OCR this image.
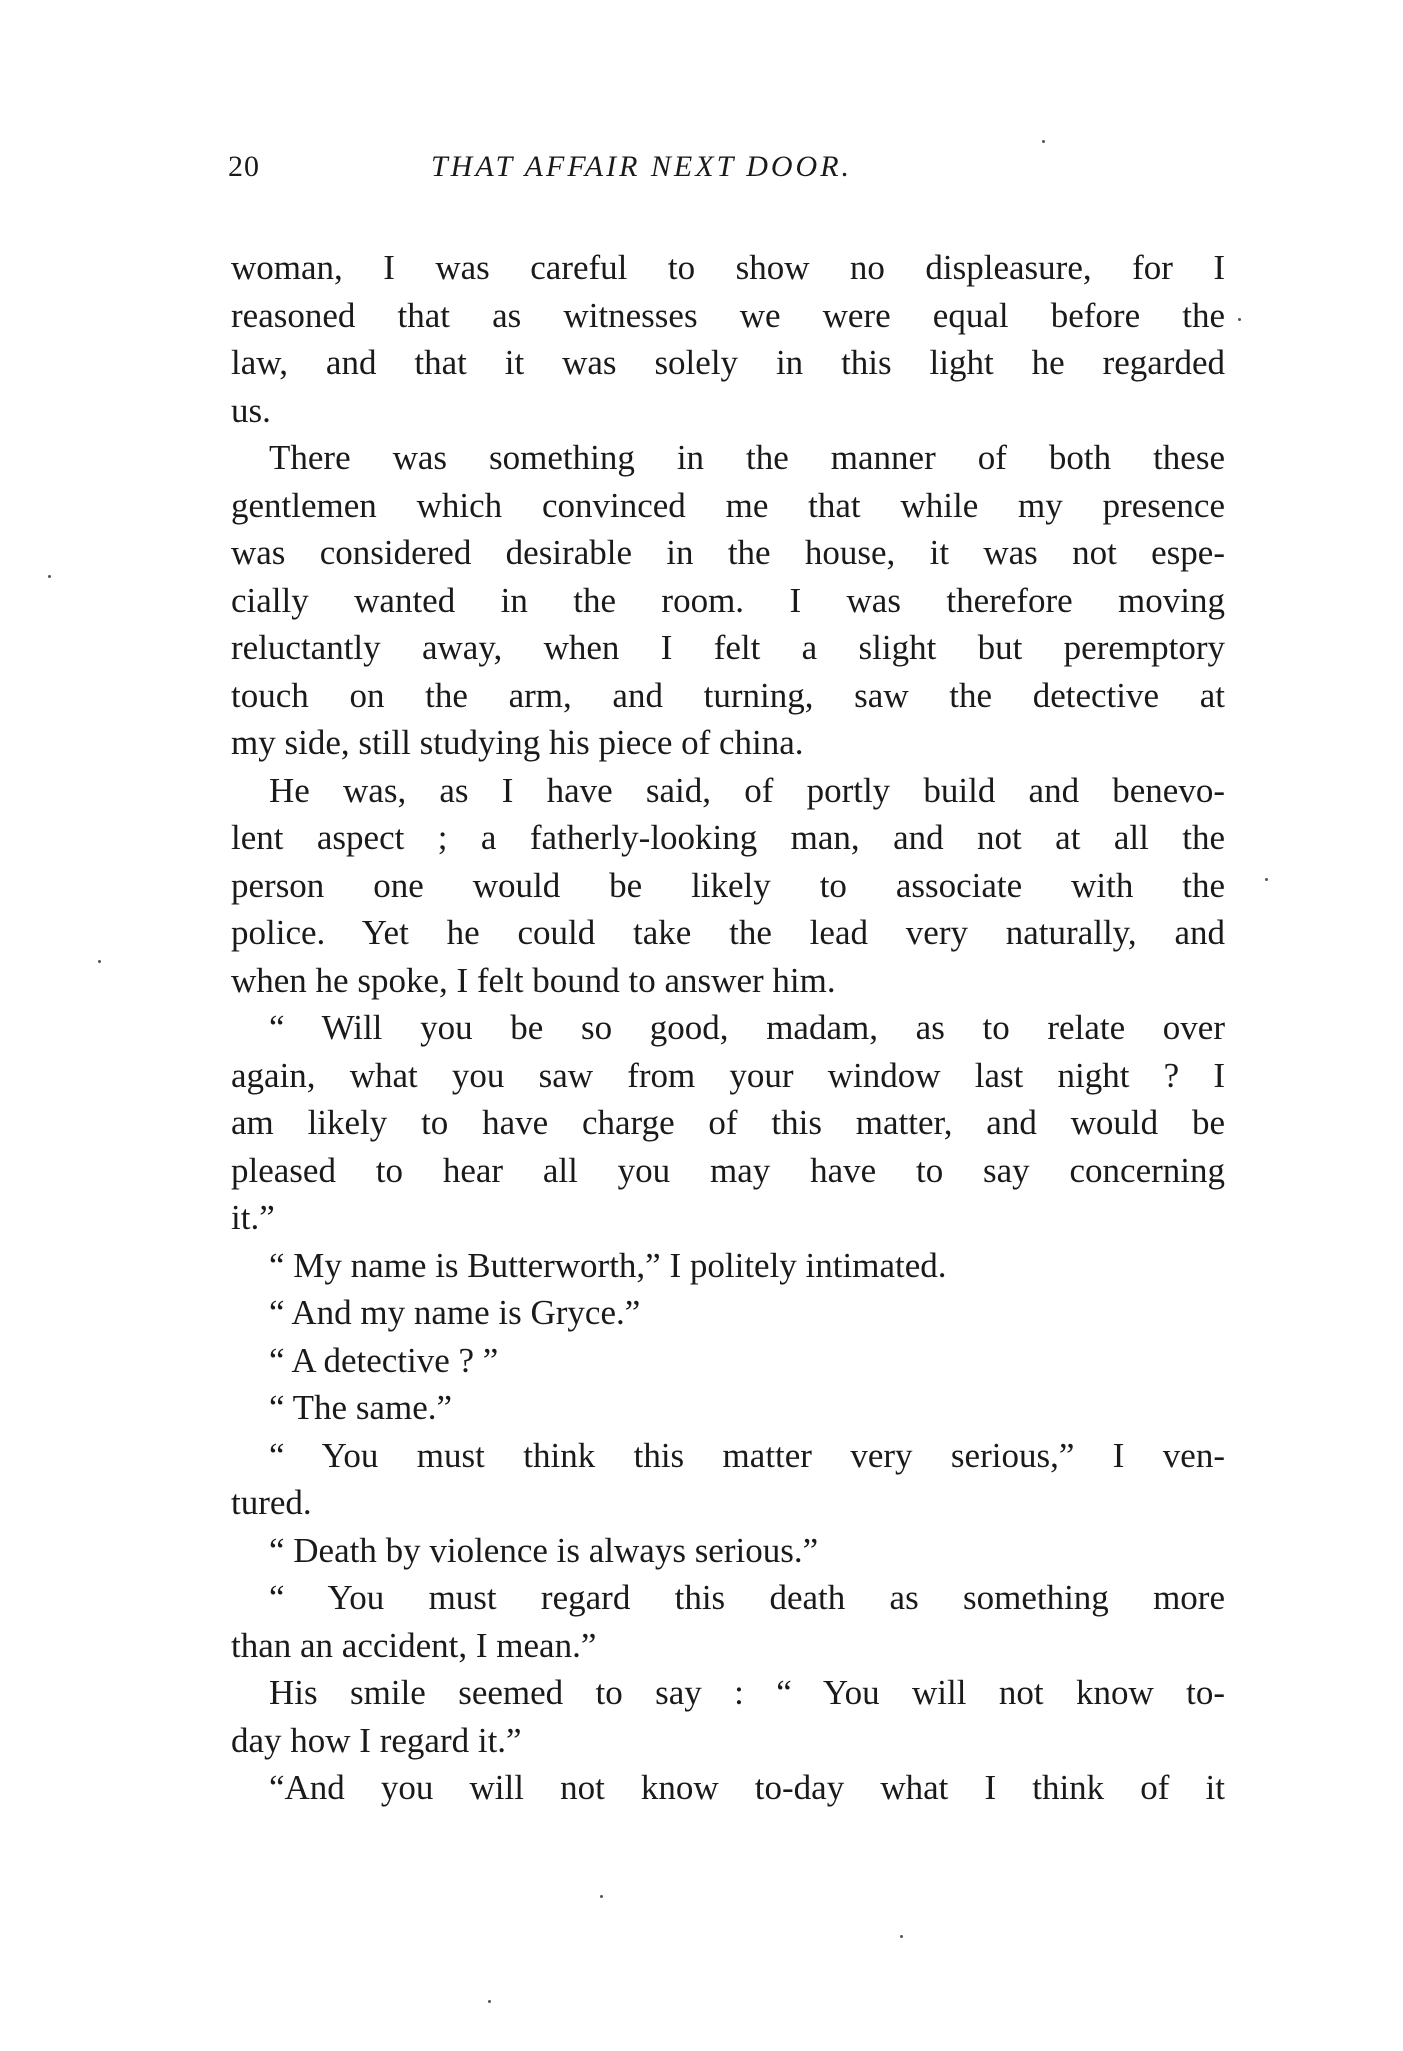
20	THAT AFFAIR NEXT DOOR.
woman, I was careful to show no displeasure, for I
reasoned that as witnesses we were equal before the
law, and that it was solely in this light he regarded
us.
There was something in the manner of both these
gentlemen which convinced me that while my presence
was considered desirable in the house, it was not espe-
cially wanted in the room. I was therefore moving
reluctantly away, when I felt a slight but peremptory
touch on the arm, and turning, saw the detective at
my side, still studying his piece of china.
He was, as I have said, of portly build and benevo-
lent aspect ; a fatherly-looking man, and not at all the
person one would be likely to associate with the
police. Yet he could take the lead very naturally, and
when he spoke, I felt bound to answer him.
“ Will you be so good, madam, as to relate over
again, what you saw from your window last night ? I
am likely to have charge of this matter, and would be
pleased to hear all you may have to say concerning
it.”
“ My name is Butterworth,” I politely intimated.
“ And my name is Gryce.”
“ A detective ? ”
“ The same.”
“ You must think this matter very serious,” I ven-
tured.
“ Death by violence is always serious.”
“ You must regard this death as something more
than an accident, I mean.”
His smile seemed to say : “ You will not know to-
day how I regard it.”
“And you will not know to-day what I think of it
